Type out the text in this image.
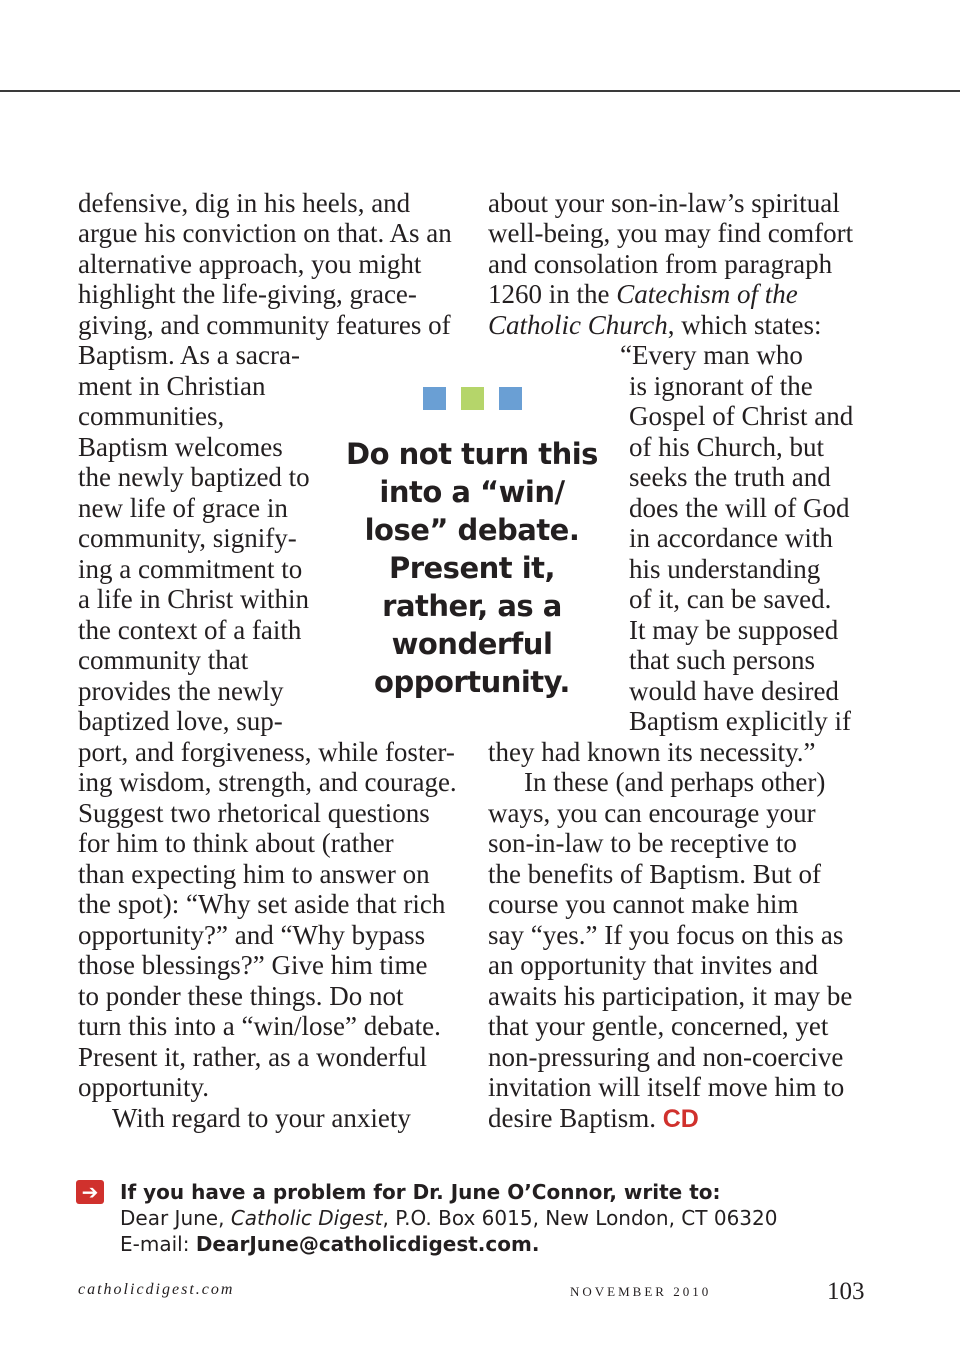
defensive, dig in his heels, and
argue his conviction on that. As an
alternative approach, you might
highlight the life-giving, grace-
giving, and community features of
Baptism. As a sacra-
ment in Christian
communities,
Baptism welcomes
the newly baptized to
new life of grace in
community, signify-
ing a commitment to
a life in Christ within
the context of a faith
community that
provides the newly
baptized love, sup-
port, and forgiveness, while foster-
ing wisdom, strength, and courage.
Suggest two rhetorical questions
for him to think about (rather
than expecting him to answer on
the spot): “Why set aside that rich
opportunity?” and “Why bypass
those blessings?” Give him time
to ponder these things. Do not
turn this into a “win/lose” debate.
Present it, rather, as a wonderful
opportunity.
With regard to your anxiety
about your son-in-law’s spiritual
well-being, you may find comfort
and consolation from paragraph
1260 in the Catechism of the
Catholic Church, which states:
“Every man who
is ignorant of the
Gospel of Christ and
of his Church, but
seeks the truth and
does the will of God
in accordance with
his understanding
of it, can be saved.
It may be supposed
that such persons
would have desired
Baptism explicitly if
they had known its necessity.”
In these (and perhaps other)
ways, you can encourage your
son-in-law to be receptive to
the benefits of Baptism. But of
course you cannot make him
say “yes.” If you focus on this as
an opportunity that invites and
awaits his participation, it may be
that your gentle, concerned, yet
non-pressuring and non-coercive
invitation will itself move him to
desire Baptism. CD
Do not turn this
into a “win/
lose” debate.
Present it,
rather, as a
wonderful
opportunity.
➔ If you have a problem for Dr. June O’Connor, write to:
Dear June, Catholic Digest, P.O. Box 6015, New London, CT 06320
E-mail: DearJune@catholicdigest.com.
catholicdigest.com	NOVEMBER 2010	103
